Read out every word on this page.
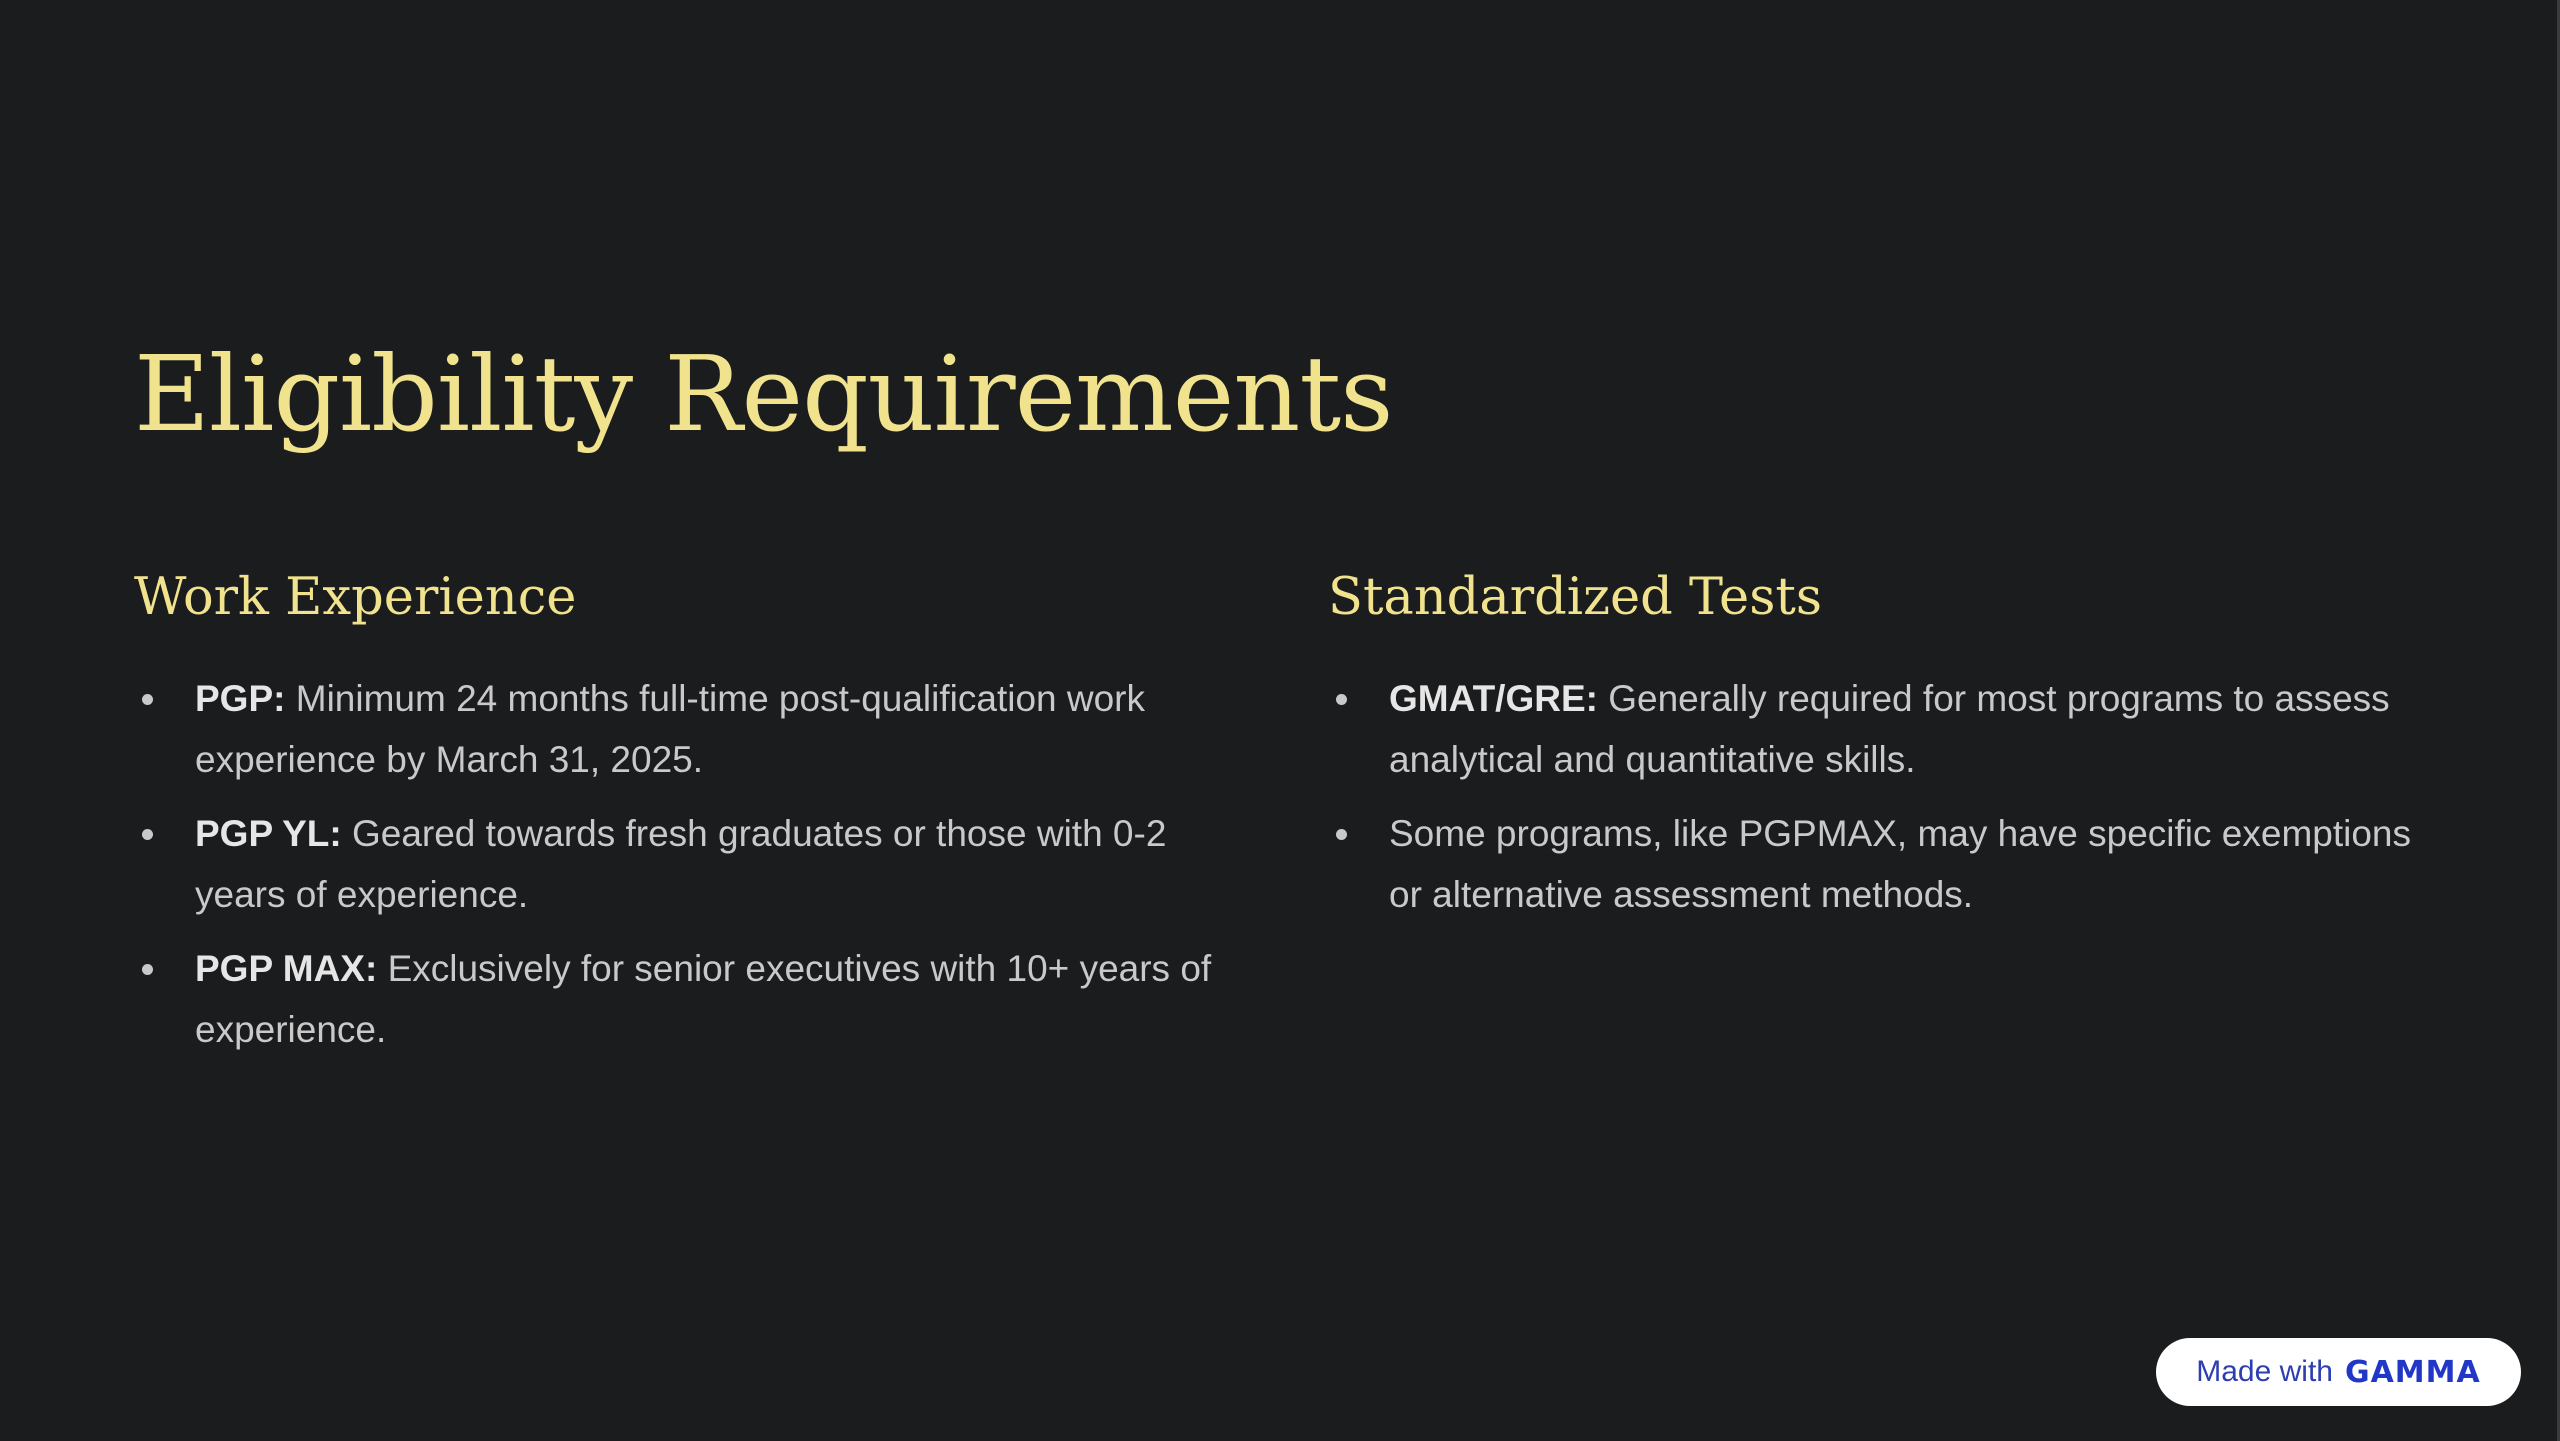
Eligibility Requirements
Work Experience
PGP: Minimum 24 months full-time post-qualification work experience by March 31, 2025.
PGP YL: Geared towards fresh graduates or those with 0-2 years of experience.
PGP MAX: Exclusively for senior executives with 10+ years of experience.
Standardized Tests
GMAT/GRE: Generally required for most programs to assess analytical and quantitative skills.
Some programs, like PGPMAX, may have specific exemptions or alternative assessment methods.
Made with GAMMA
